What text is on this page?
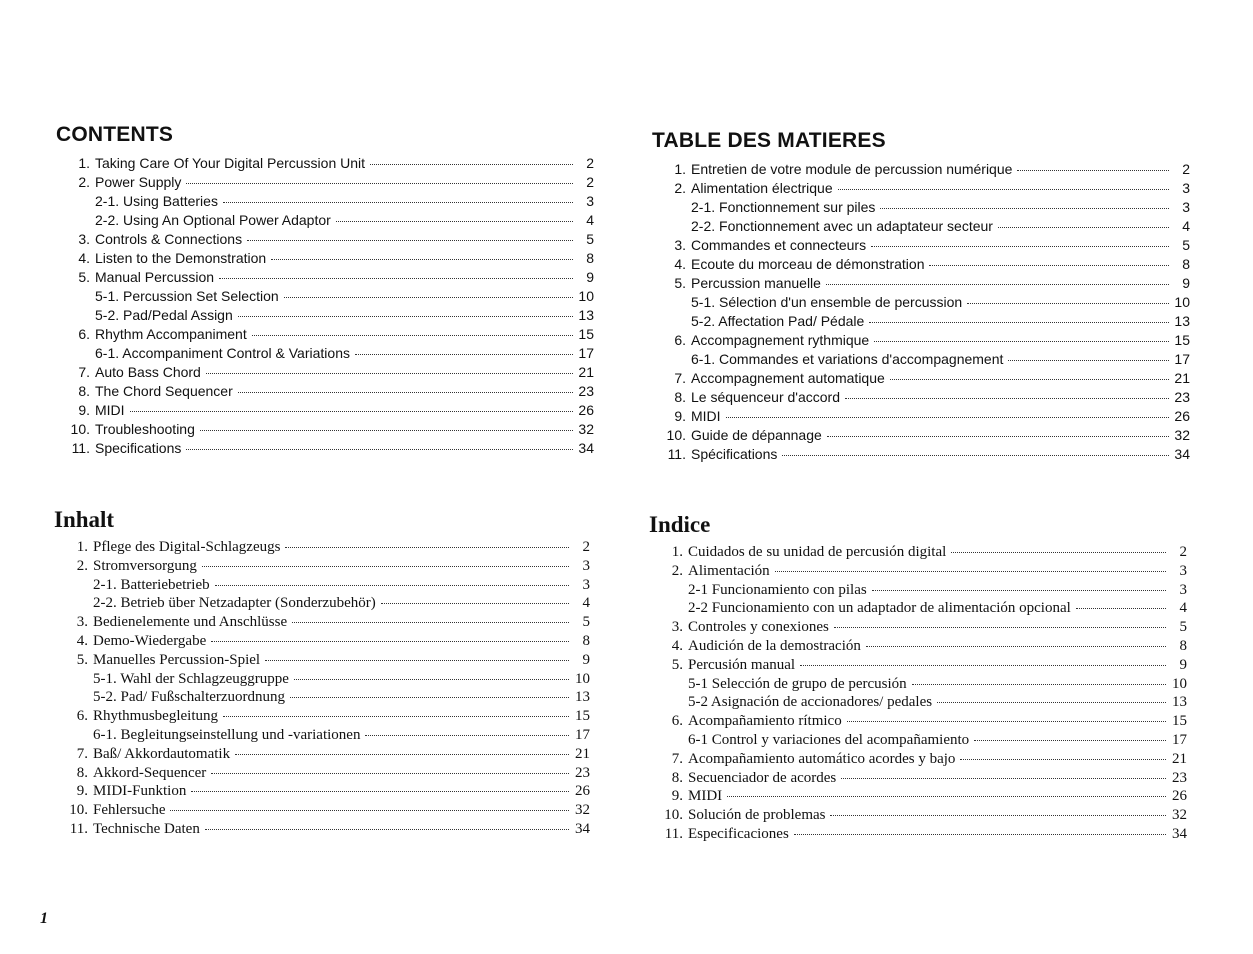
CONTENTS
1. Taking Care Of Your Digital Percussion Unit	2
2. Power Supply	2
2-1. Using Batteries	3
2-2. Using An Optional Power Adaptor	4
3. Controls & Connections	5
4. Listen to the Demonstration	8
5. Manual Percussion	9
5-1. Percussion Set Selection	10
5-2. Pad/Pedal Assign	13
6. Rhythm Accompaniment	15
6-1. Accompaniment Control & Variations	17
7. Auto Bass Chord	21
8. The Chord Sequencer	23
9. MIDI	26
10. Troubleshooting	32
11. Specifications	34
TABLE DES MATIERES
1. Entretien de votre module de percussion numérique	2
2. Alimentation électrique	3
2-1. Fonctionnement sur piles	3
2-2. Fonctionnement avec un adaptateur secteur	4
3. Commandes et connecteurs	5
4. Ecoute du morceau de démonstration	8
5. Percussion manuelle	9
5-1. Sélection d'un ensemble de percussion	10
5-2. Affectation Pad/ Pédale	13
6. Accompagnement rythmique	15
6-1. Commandes et variations d'accompagnement	17
7. Accompagnement automatique	21
8. Le séquenceur d'accord	23
9. MIDI	26
10. Guide de dépannage	32
11. Spécifications	34
Inhalt
1. Pflege des Digital-Schlagzeugs	2
2. Stromversorgung	3
2-1. Batteriebetrieb	3
2-2. Betrieb über Netzadapter (Sonderzubehör)	4
3. Bedienelemente und Anschlüsse	5
4. Demo-Wiedergabe	8
5. Manuelles Percussion-Spiel	9
5-1. Wahl der Schlagzeuggruppe	10
5-2. Pad/ Fußschalterzuordnung	13
6. Rhythmusbegleitung	15
6-1. Begleitungseinstellung und -variationen	17
7. Baß/ Akkordautomatik	21
8. Akkord-Sequencer	23
9. MIDI-Funktion	26
10. Fehlersuche	32
11. Technische Daten	34
Indice
1. Cuidados de su unidad de percusión digital	2
2. Alimentación	3
2-1 Funcionamiento con pilas	3
2-2 Funcionamiento con un adaptador de alimentación opcional	4
3. Controles y conexiones	5
4. Audición de la demostración	8
5. Percusión manual	9
5-1 Selección de grupo de percusión	10
5-2 Asignación de accionadores/ pedales	13
6. Acompañamiento rítmico	15
6-1 Control y variaciones del acompañamiento	17
7. Acompañamiento automático acordes y bajo	21
8. Secuenciador de acordes	23
9. MIDI	26
10. Solución de problemas	32
11. Especificaciones	34
1
